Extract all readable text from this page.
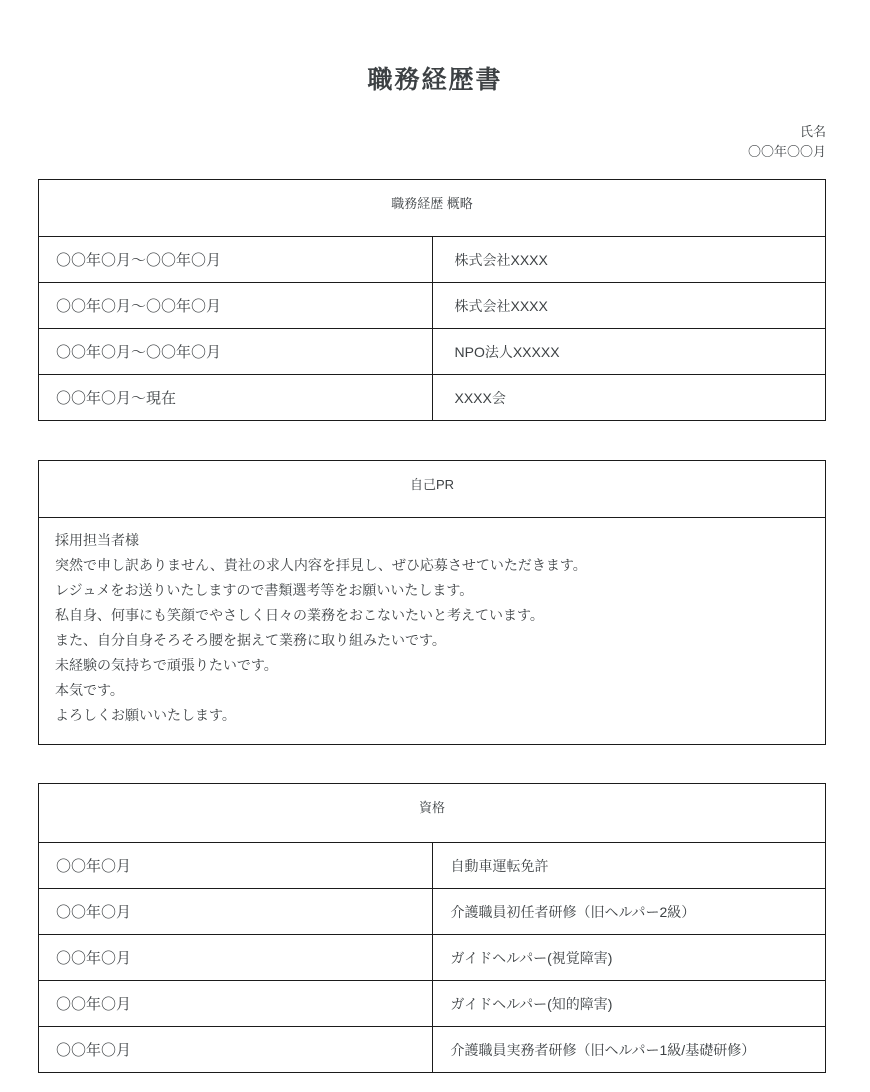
職務経歴書
氏名
〇〇年〇〇月
職務経歴 概略	
〇〇年〇月～〇〇年〇月	株式会社XXXX
〇〇年〇月～〇〇年〇月	株式会社XXXX
〇〇年〇月～〇〇年〇月	NPO法人XXXXX
〇〇年〇月～現在	XXXX会
自己PR

採用担当者様
突然で申し訳ありません、貴社の求人内容を拝見し、ぜひ応募させていただきます。
レジュメをお送りいたしますので書類選考等をお願いいたします。
私自身、何事にも笑顔でやさしく日々の業務をおこないたいと考えています。
また、自分自身そろそろ腰を据えて業務に取り組みたいです。
未経験の気持ちで頑張りたいです。
本気です。
よろしくお願いいたします。
資格	
〇〇年〇月	自動車運転免許
〇〇年〇月	介護職員初任者研修（旧ヘルパー2級）
〇〇年〇月	ガイドヘルパー(視覚障害)
〇〇年〇月	ガイドヘルパー(知的障害)
〇〇年〇月	介護職員実務者研修（旧ヘルパー1級/基礎研修）
